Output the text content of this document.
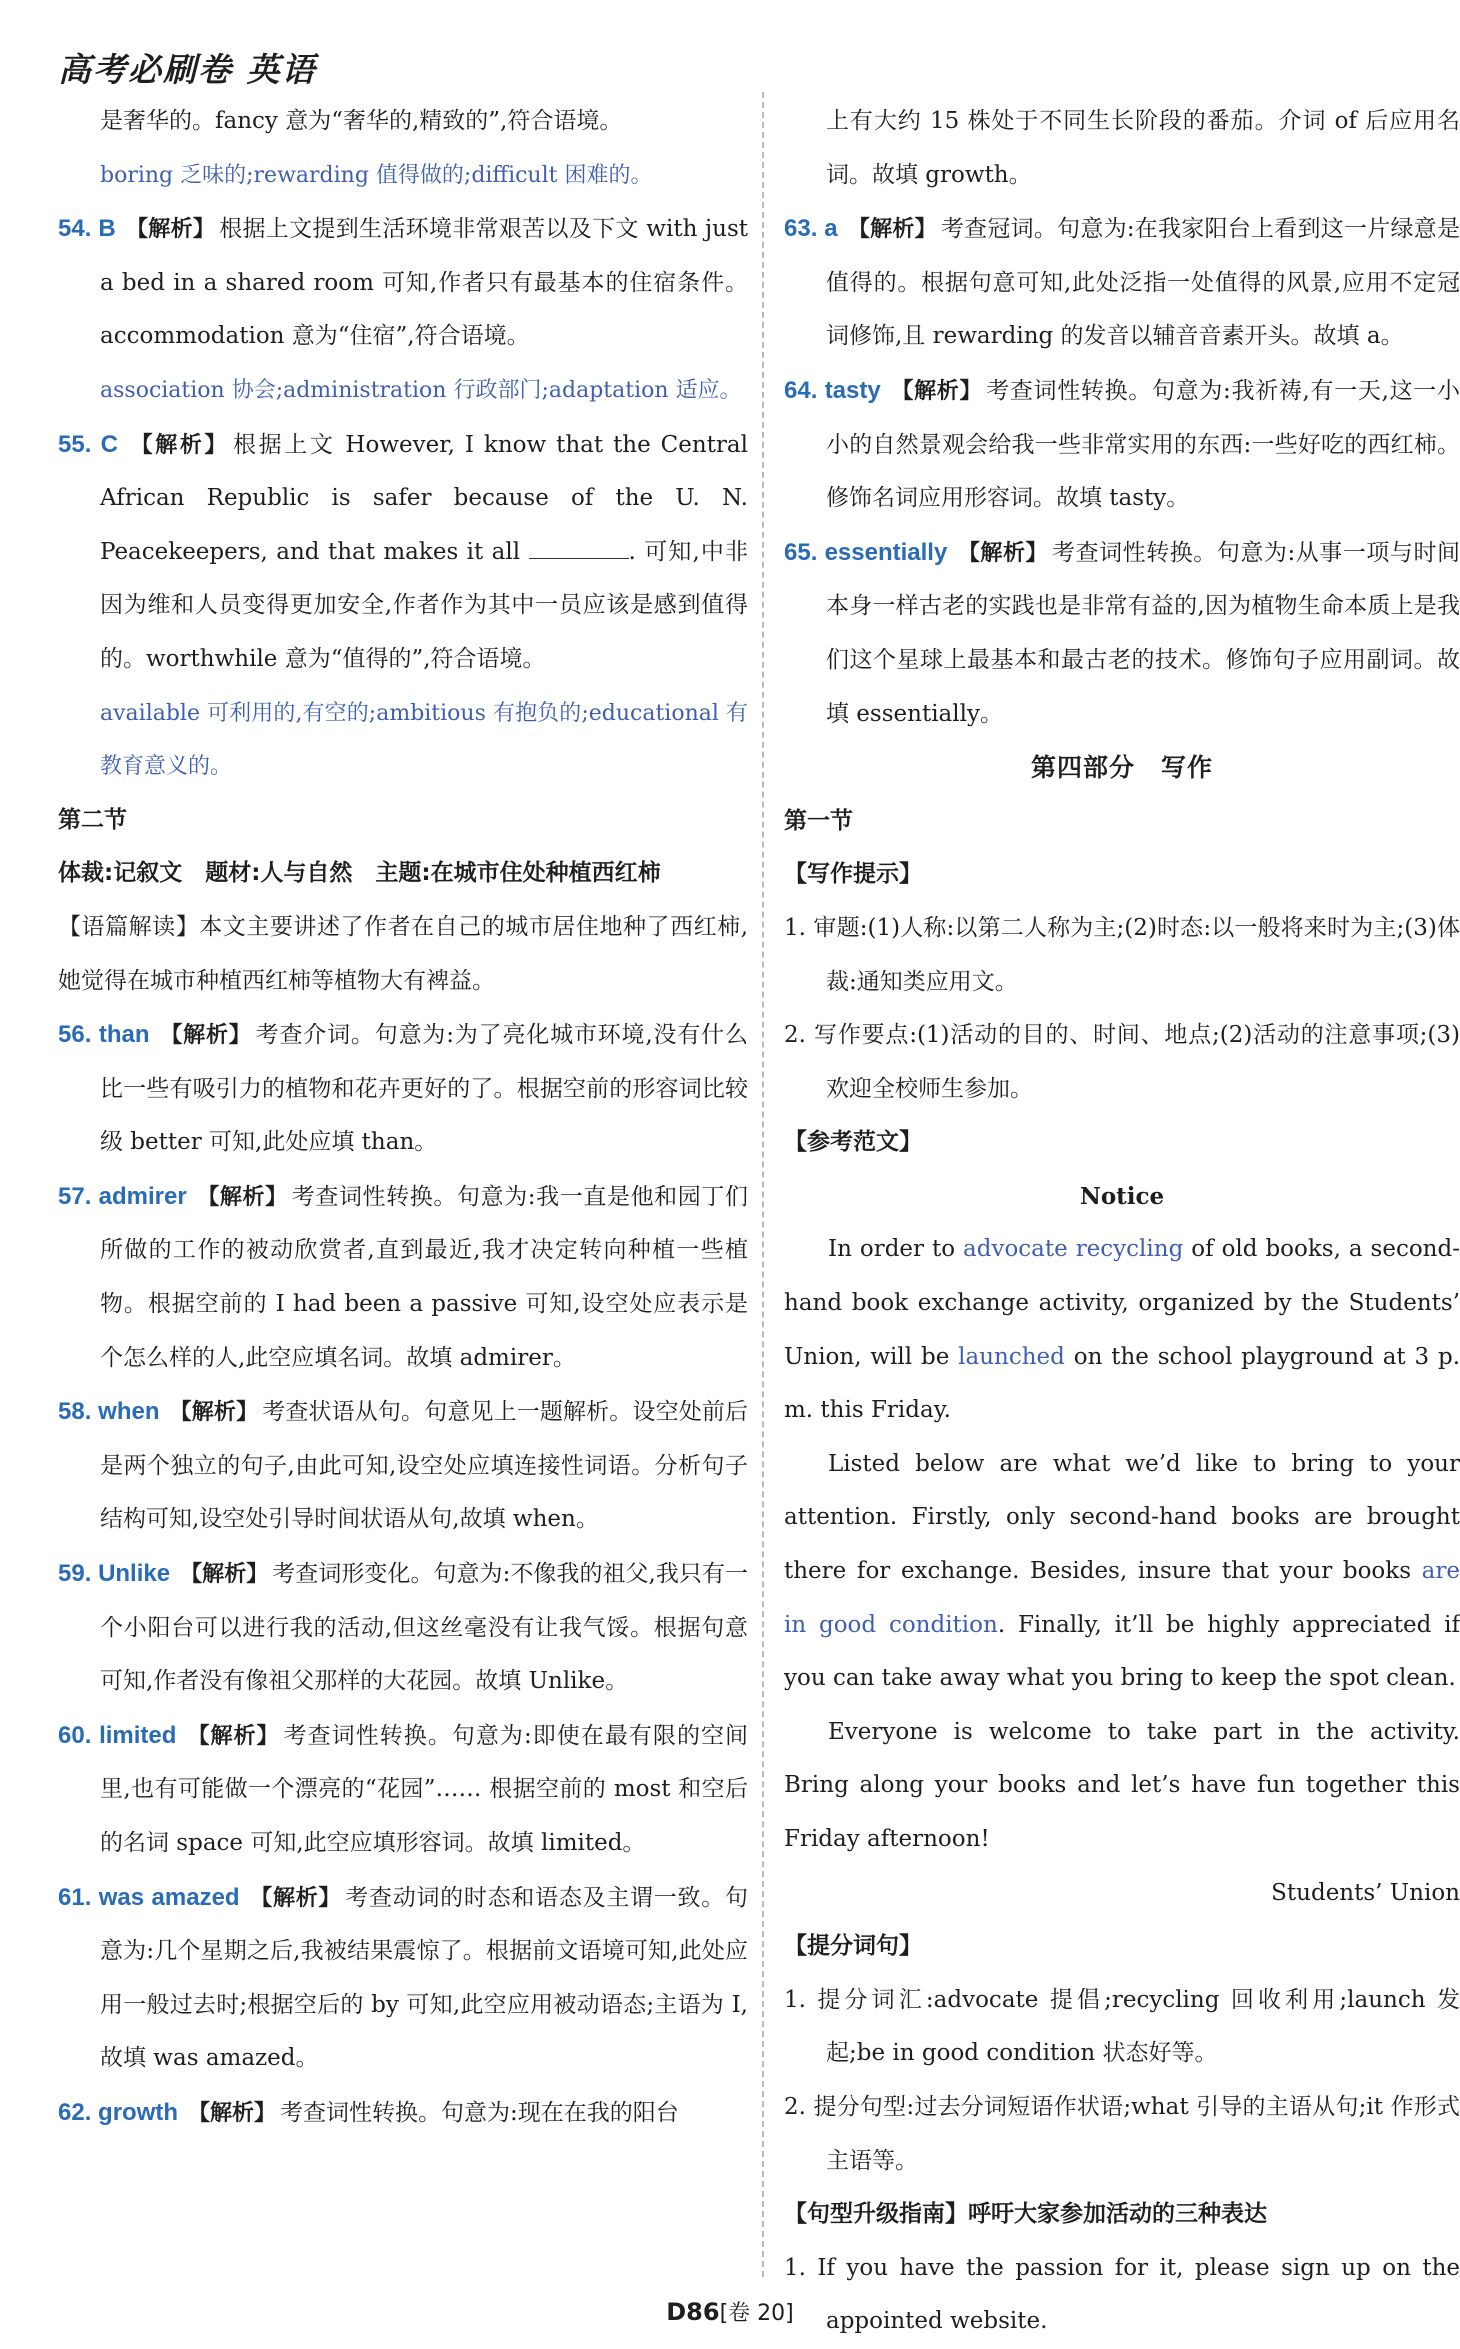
高考必刷卷 英语

是奢华的。fancy 意为“奢华的,精致的”,符合语境。

boring 乏味的;rewarding 值得做的;difficult 困难的。

54. B 【解析】 根据上文提到生活环境非常艰苦以及下文 with just a bed in a shared room 可知,作者只有最基本的住宿条件。accommodation 意为“住宿”,符合语境。

association 协会;administration 行政部门;adaptation 适应。

55. C 【解析】 根据上文 However, I know that the Central African Republic is safer because of the U. N. Peacekeepers, and that makes it all	. 可知,中非因为维和人员变得更加安全,作者作为其中一员应该是感到值得的。worthwhile 意为“值得的”,符合语境。

available 可利用的,有空的;ambitious 有抱负的;educational 有教育意义的。

第二节

体裁:记叙文　题材:人与自然　主题:在城市住处种植西红柿

【语篇解读】本文主要讲述了作者在自己的城市居住地种了西红柿,她觉得在城市种植西红柿等植物大有裨益。

56. than 【解析】 考查介词。句意为:为了亮化城市环境,没有什么比一些有吸引力的植物和花卉更好的了。根据空前的形容词比较级 better 可知,此处应填 than。

57. admirer 【解析】 考查词性转换。句意为:我一直是他和园丁们所做的工作的被动欣赏者,直到最近,我才决定转向种植一些植物。根据空前的 I had been a passive 可知,设空处应表示是个怎么样的人,此空应填名词。故填 admirer。

58. when 【解析】 考查状语从句。句意见上一题解析。设空处前后是两个独立的句子,由此可知,设空处应填连接性词语。分析句子结构可知,设空处引导时间状语从句,故填 when。

59. Unlike 【解析】 考查词形变化。句意为:不像我的祖父,我只有一个小阳台可以进行我的活动,但这丝毫没有让我气馁。根据句意可知,作者没有像祖父那样的大花园。故填 Unlike。

60. limited 【解析】 考查词性转换。句意为:即使在最有限的空间里,也有可能做一个漂亮的“花园”…… 根据空前的 most 和空后的名词 space 可知,此空应填形容词。故填 limited。

61. was amazed 【解析】 考查动词的时态和语态及主谓一致。句意为:几个星期之后,我被结果震惊了。根据前文语境可知,此处应用一般过去时;根据空后的 by 可知,此空应用被动语态;主语为 I,故填 was amazed。

62. growth 【解析】 考查词性转换。句意为:现在在我的阳台

上有大约 15 株处于不同生长阶段的番茄。介词 of 后应用名词。故填 growth。

63. a 【解析】 考查冠词。句意为:在我家阳台上看到这一片绿意是值得的。根据句意可知,此处泛指一处值得的风景,应用不定冠词修饰,且 rewarding 的发音以辅音音素开头。故填 a。

64. tasty 【解析】 考查词性转换。句意为:我祈祷,有一天,这一小小的自然景观会给我一些非常实用的东西:一些好吃的西红柿。修饰名词应用形容词。故填 tasty。

65. essentially 【解析】 考查词性转换。句意为:从事一项与时间本身一样古老的实践也是非常有益的,因为植物生命本质上是我们这个星球上最基本和最古老的技术。修饰句子应用副词。故填 essentially。

第四部分　写作

第一节

【写作提示】

1. 审题:(1)人称:以第二人称为主;(2)时态:以一般将来时为主;(3)体裁:通知类应用文。

2. 写作要点:(1)活动的目的、时间、地点;(2)活动的注意事项;(3)欢迎全校师生参加。

【参考范文】

Notice

In order to advocate recycling of old books, a second-hand book exchange activity, organized by the Students’ Union, will be launched on the school playground at 3 p. m. this Friday.

Listed below are what we’d like to bring to your attention. Firstly, only second-hand books are brought there for exchange. Besides, insure that your books are in good condition. Finally, it’ll be highly appreciated if you can take away what you bring to keep the spot clean.

Everyone is welcome to take part in the activity. Bring along your books and let’s have fun together this Friday afternoon!

Students’ Union

【提分词句】

1. 提分词汇:advocate 提倡;recycling 回收利用;launch 发起;be in good condition 状态好等。

2. 提分句型:过去分词短语作状语;what 引导的主语从句;it 作形式主语等。

【句型升级指南】呼吁大家参加活动的三种表达

1. If you have the passion for it, please sign up on the appointed website.

D86[卷 20]
